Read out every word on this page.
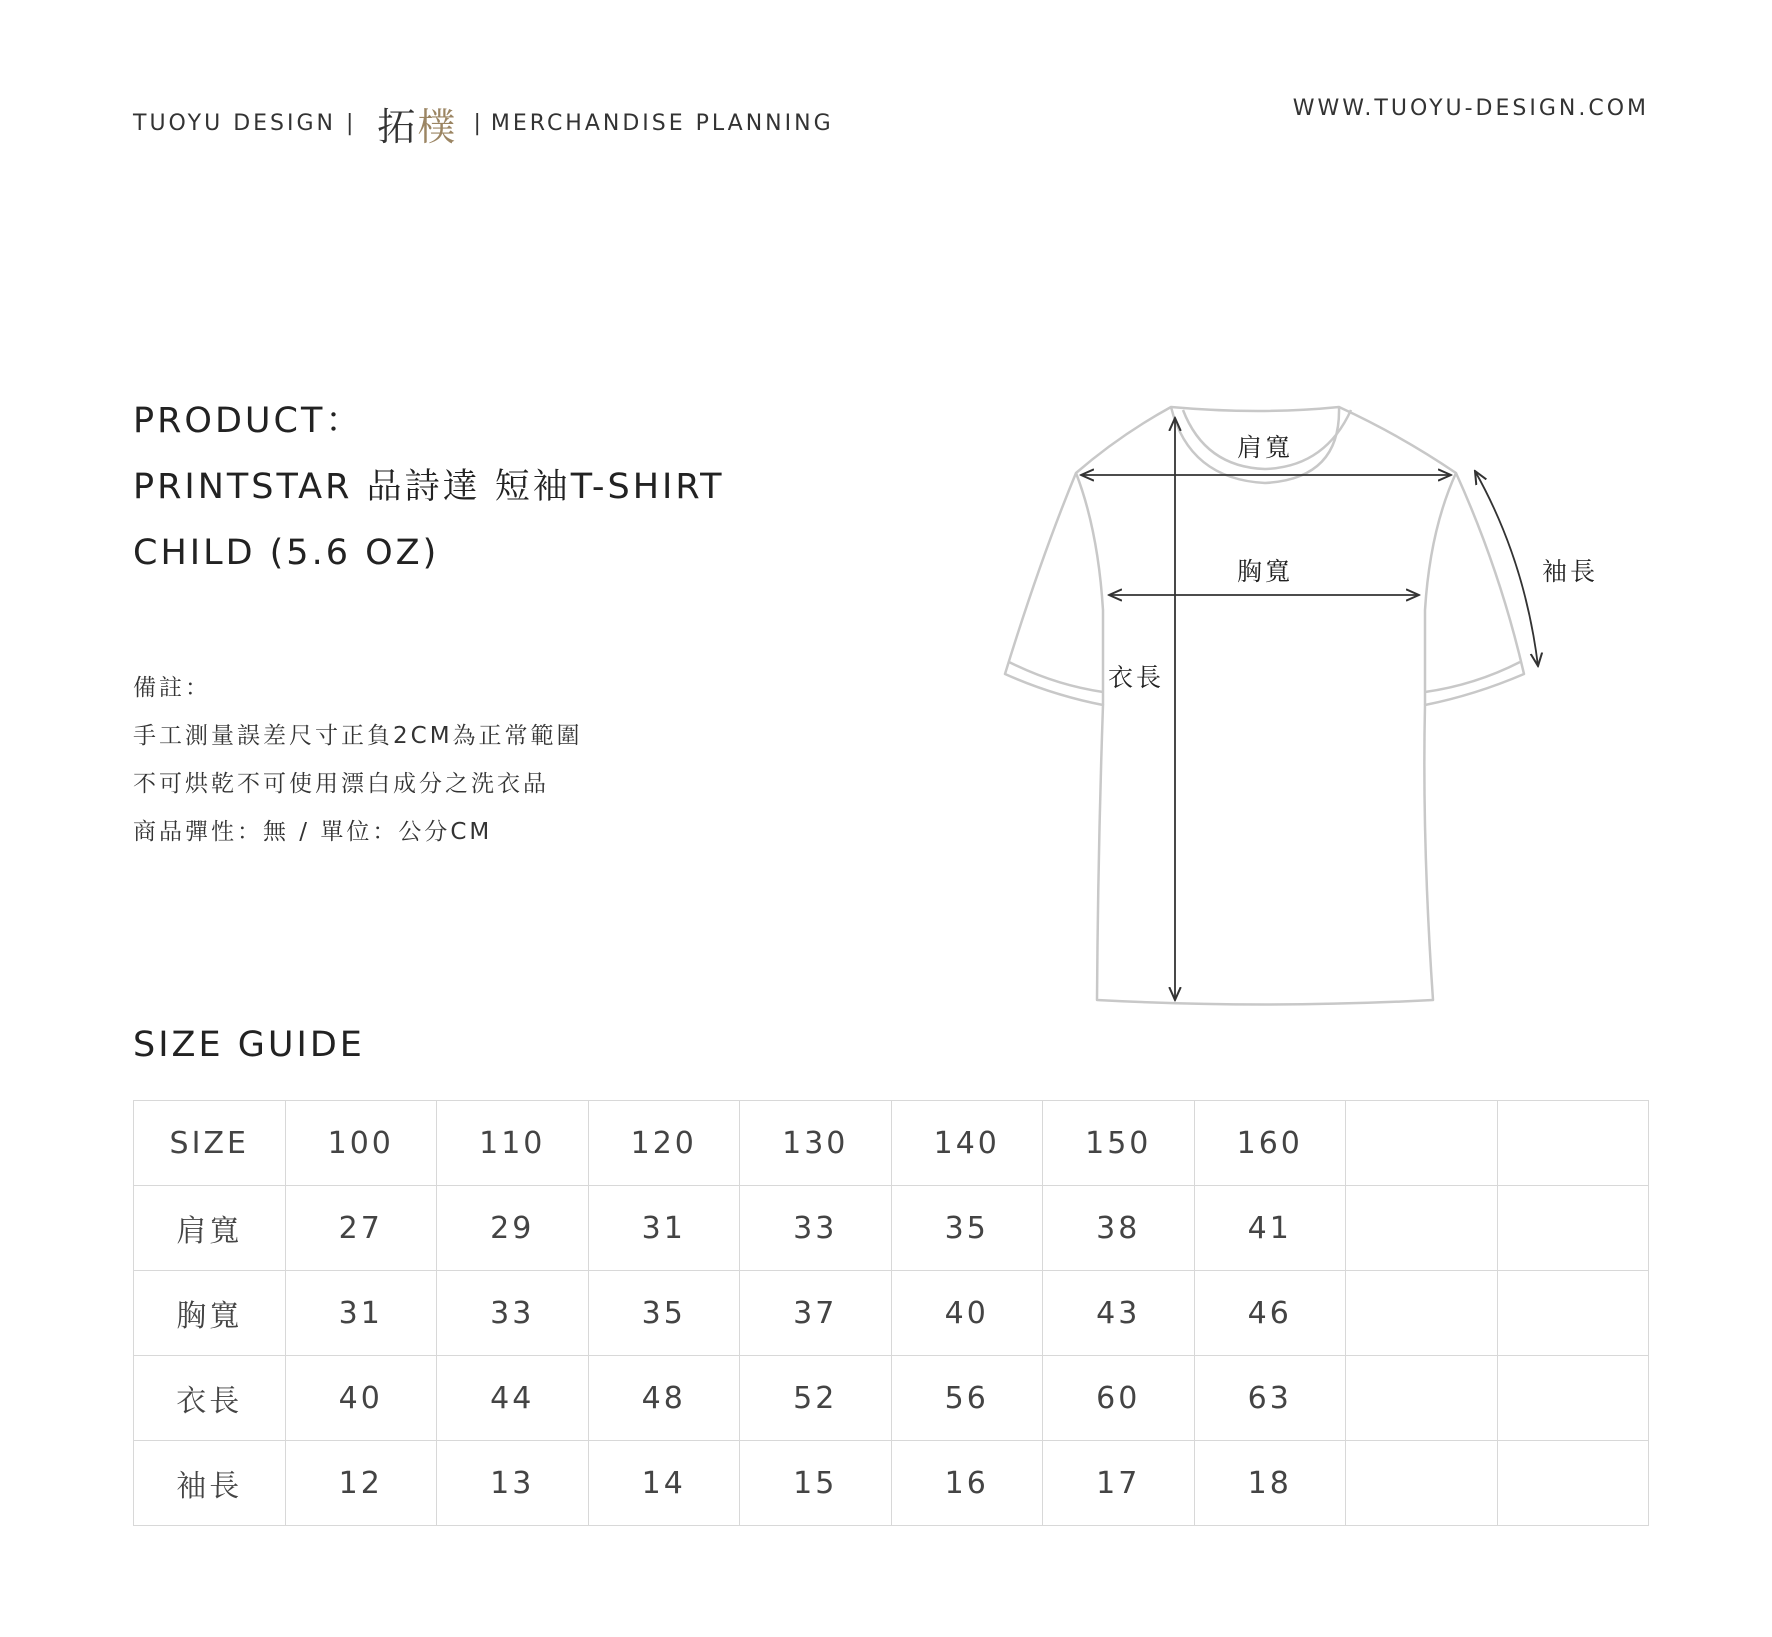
TUOYU DESIGN | 拓 樸 | MERCHANDISE PLANNING
WWW.TUOYU-DESIGN.COM
PRODUCT：
PRINTSTAR 品詩達 短袖T-SHIRT
CHILD (5.6 OZ)
備註：
手工測量誤差尺寸正負2CM為正常範圍
不可烘乾不可使用漂白成分之洗衣品
商品彈性：無 / 單位：公分CM
肩寬
胸寬
衣長
袖長
SIZE GUIDE
SIZE	100	110	120	130	140	150	160		
肩寬	27	29	31	33	35	38	41		
胸寬	31	33	35	37	40	43	46		
衣長	40	44	48	52	56	60	63		
袖長	12	13	14	15	16	17	18		
